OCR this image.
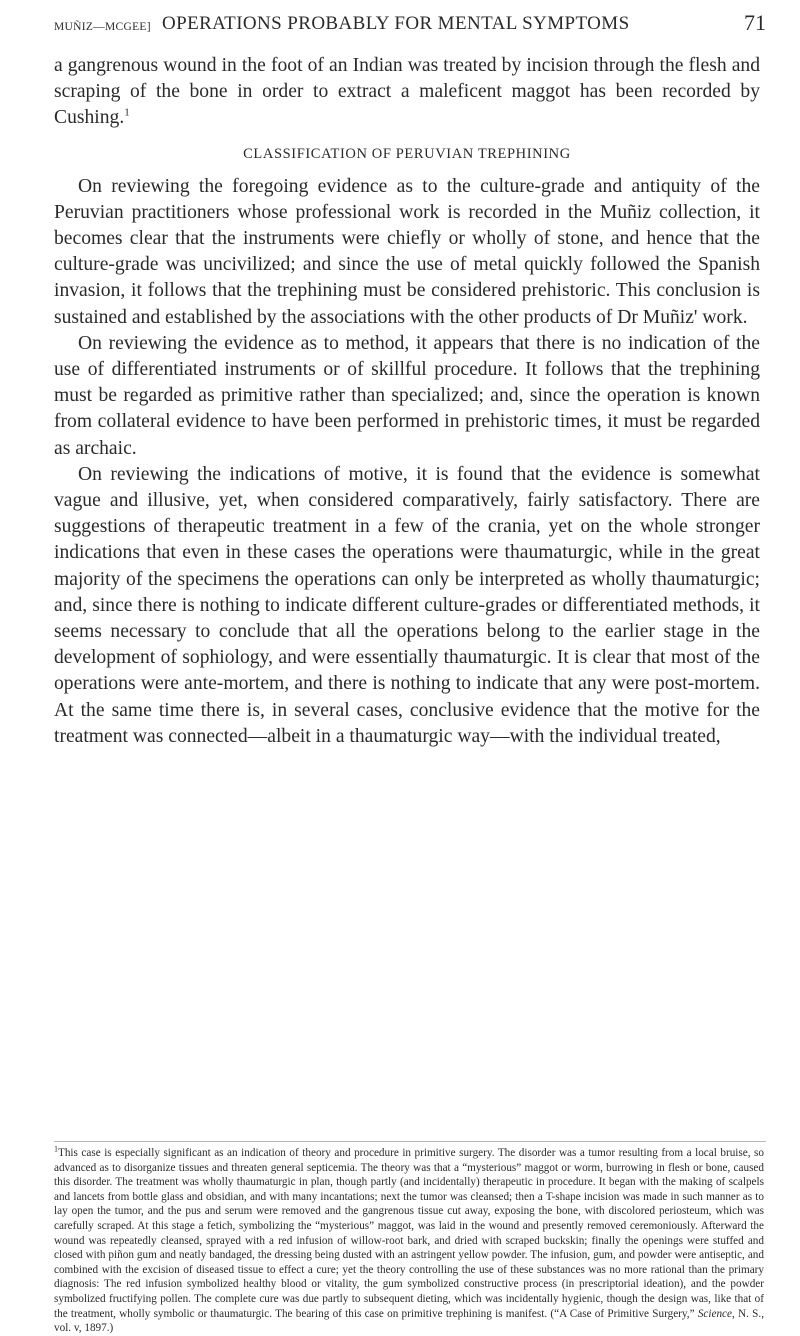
MUÑIZ—MCGEE] OPERATIONS PROBABLY FOR MENTAL SYMPTOMS	71

a gangrenous wound in the foot of an Indian was treated by incision through the flesh and scraping of the bone in order to extract a maleficent maggot has been recorded by Cushing.$^1$

CLASSIFICATION OF PERUVIAN TREPHINING

On reviewing the foregoing evidence as to the culture-grade and antiquity of the Peruvian practitioners whose professional work is recorded in the Muñiz collection, it becomes clear that the instruments were chiefly or wholly of stone, and hence that the culture-grade was uncivilized; and since the use of metal quickly followed the Spanish invasion, it follows that the trephining must be considered prehistoric. This conclusion is sustained and established by the associations with the other products of Dr Muñiz' work.

On reviewing the evidence as to method, it appears that there is no indication of the use of differentiated instruments or of skillful procedure. It follows that the trephining must be regarded as primitive rather than specialized; and, since the operation is known from collateral evidence to have been performed in prehistoric times, it must be regarded as archaic.

On reviewing the indications of motive, it is found that the evidence is somewhat vague and illusive, yet, when considered comparatively, fairly satisfactory. There are suggestions of therapeutic treatment in a few of the crania, yet on the whole stronger indications that even in these cases the operations were thaumaturgic, while in the great majority of the specimens the operations can only be interpreted as wholly thaumaturgic; and, since there is nothing to indicate different culture-grades or differentiated methods, it seems necessary to conclude that all the operations belong to the earlier stage in the development of sophiology, and were essentially thaumaturgic. It is clear that most of the operations were ante-mortem, and there is nothing to indicate that any were post-mortem. At the same time there is, in several cases, conclusive evidence that the motive for the treatment was connected—albeit in a thaumaturgic way—with the individual treated,

$^1$This case is especially significant as an indication of theory and procedure in primitive surgery. The disorder was a tumor resulting from a local bruise, so advanced as to disorganize tissues and threaten general septicemia. The theory was that a “mysterious” maggot or worm, burrowing in flesh or bone, caused this disorder. The treatment was wholly thaumaturgic in plan, though partly (and incidentally) therapeutic in procedure. It began with the making of scalpels and lancets from bottle glass and obsidian, and with many incantations; next the tumor was cleansed; then a T-shape incision was made in such manner as to lay open the tumor, and the pus and serum were removed and the gangrenous tissue cut away, exposing the bone, with discolored periosteum, which was carefully scraped. At this stage a fetich, symbolizing the “mysterious” maggot, was laid in the wound and presently removed ceremoniously. Afterward the wound was repeatedly cleansed, sprayed with a red infusion of willow-root bark, and dried with scraped buckskin; finally the openings were stuffed and closed with piñon gum and neatly bandaged, the dressing being dusted with an astringent yellow powder. The infusion, gum, and powder were antiseptic, and combined with the excision of diseased tissue to effect a cure; yet the theory controlling the use of these substances was no more rational than the primary diagnosis: The red infusion symbolized healthy blood or vitality, the gum symbolized constructive process (in prescriptorial ideation), and the powder symbolized fructifying pollen. The complete cure was due partly to subsequent dieting, which was incidentally hygienic, though the design was, like that of the treatment, wholly symbolic or thaumaturgic. The bearing of this case on primitive trephining is manifest. (“A Case of Primitive Surgery,” Science, N. S., vol. v, 1897.)
